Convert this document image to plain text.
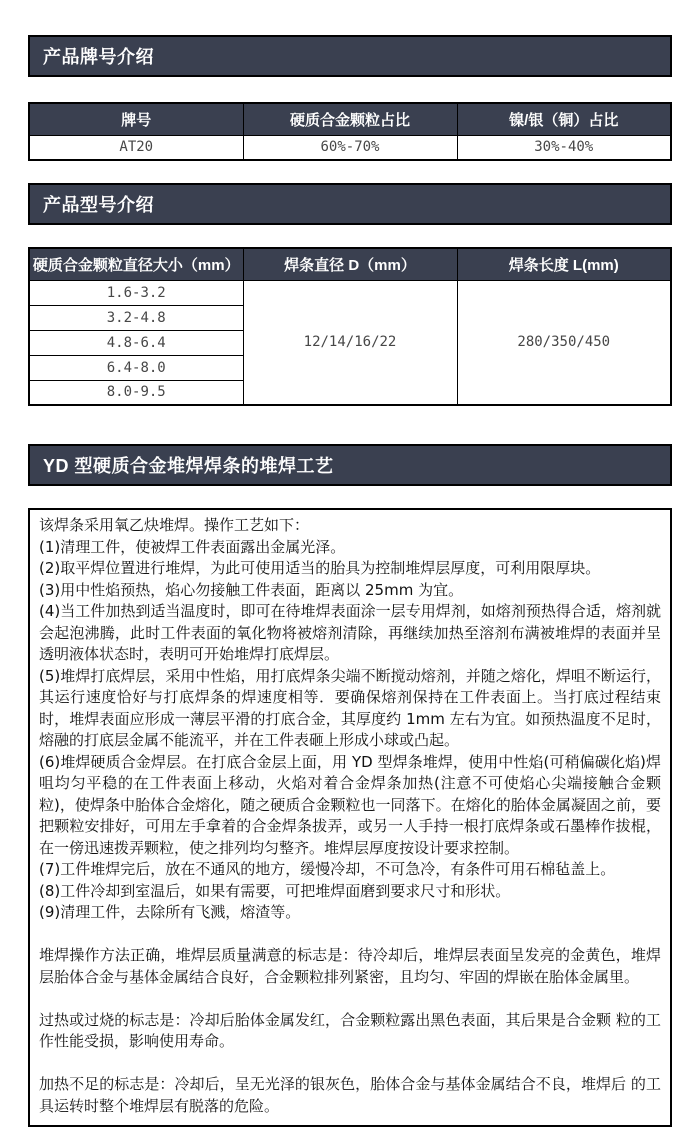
产品牌号介绍
牌号	硬质合金颗粒占比	镍/银（铜）占比
AT20	60%-70%	30%-40%
产品型号介绍
硬质合金颗粒直径大小（mm）	焊条直径 D（mm）	焊条长度 L(mm)
1.6-3.2	12/14/16/22	280/350/450
3.2-4.8		
4.8-6.4		
6.4-8.0		
8.0-9.5		
YD 型硬质合金堆焊焊条的堆焊工艺

该焊条采用氧乙炔堆焊。操作工艺如下：

(1)清理工件，使被焊工件表面露出金属光泽。

(2)取平焊位置进行堆焊，为此可使用适当的胎具为控制堆焊层厚度，可利用限厚块。

(3)用中性焰预热，焰心勿接触工件表面，距离以 25mm 为宜。

(4)当工件加热到适当温度时，即可在待堆焊表面涂一层专用焊剂，如熔剂预热得合适，熔剂就会起泡沸腾，此时工件表面的氧化物将被熔剂清除，再继续加热至溶剂布满被堆焊的表面并呈透明液体状态时，表明可开始堆焊打底焊层。

(5)堆焊打底焊层，采用中性焰，用打底焊条尖端不断搅动熔剂，并随之熔化，焊咀不断运行，其运行速度恰好与打底焊条的焊速度相等．要确保熔剂保持在工件表面上。当打底过程结束时，堆焊表面应形成一薄层平滑的打底合金，其厚度约 1mm 左右为宜。如预热温度不足时，熔融的打底层金属不能流平，并在工件表砸上形成小球或凸起。

(6)堆焊硬质合金焊层。在打底合金层上面，用 YD 型焊条堆焊，使用中性焰(可稍偏碳化焰)焊咀均匀平稳的在工件表面上移动，火焰对着合金焊条加热(注意不可使焰心尖端接触合金颗粒)，使焊条中胎体合金熔化，随之硬质合金颗粒也一同落下。在熔化的胎体金属凝固之前，要把颗粒安排好，可用左手拿着的合金焊条拔弄，或另一人手持一根打底焊条或石墨棒作拔棍，在一傍迅速拨弄颗粒，使之排列均匀整齐。堆焊层厚度按设计要求控制。

(7)工件堆焊完后，放在不通风的地方，缓慢冷却，不可急冷，有条件可用石棉毡盖上。

(8)工件冷却到室温后，如果有需要，可把堆焊面磨到要求尺寸和形状。

(9)清理工件，去除所有飞溅，熔渣等。

堆焊操作方法正确，堆焊层质量满意的标志是：待冷却后，堆焊层表面呈发亮的金黄色，堆焊层胎体合金与基体金属结合良好，合金颗粒排列紧密，且均匀、牢固的焊嵌在胎体金属里。

过热或过烧的标志是：冷却后胎体金属发红，合金颗粒露出黑色表面，其后果是合金颗 粒的工作性能受损，影响使用寿命。

加热不足的标志是：冷却后，呈无光泽的银灰色，胎体合金与基体金属结合不良，堆焊后 的工具运转时整个堆焊层有脱落的危险。
